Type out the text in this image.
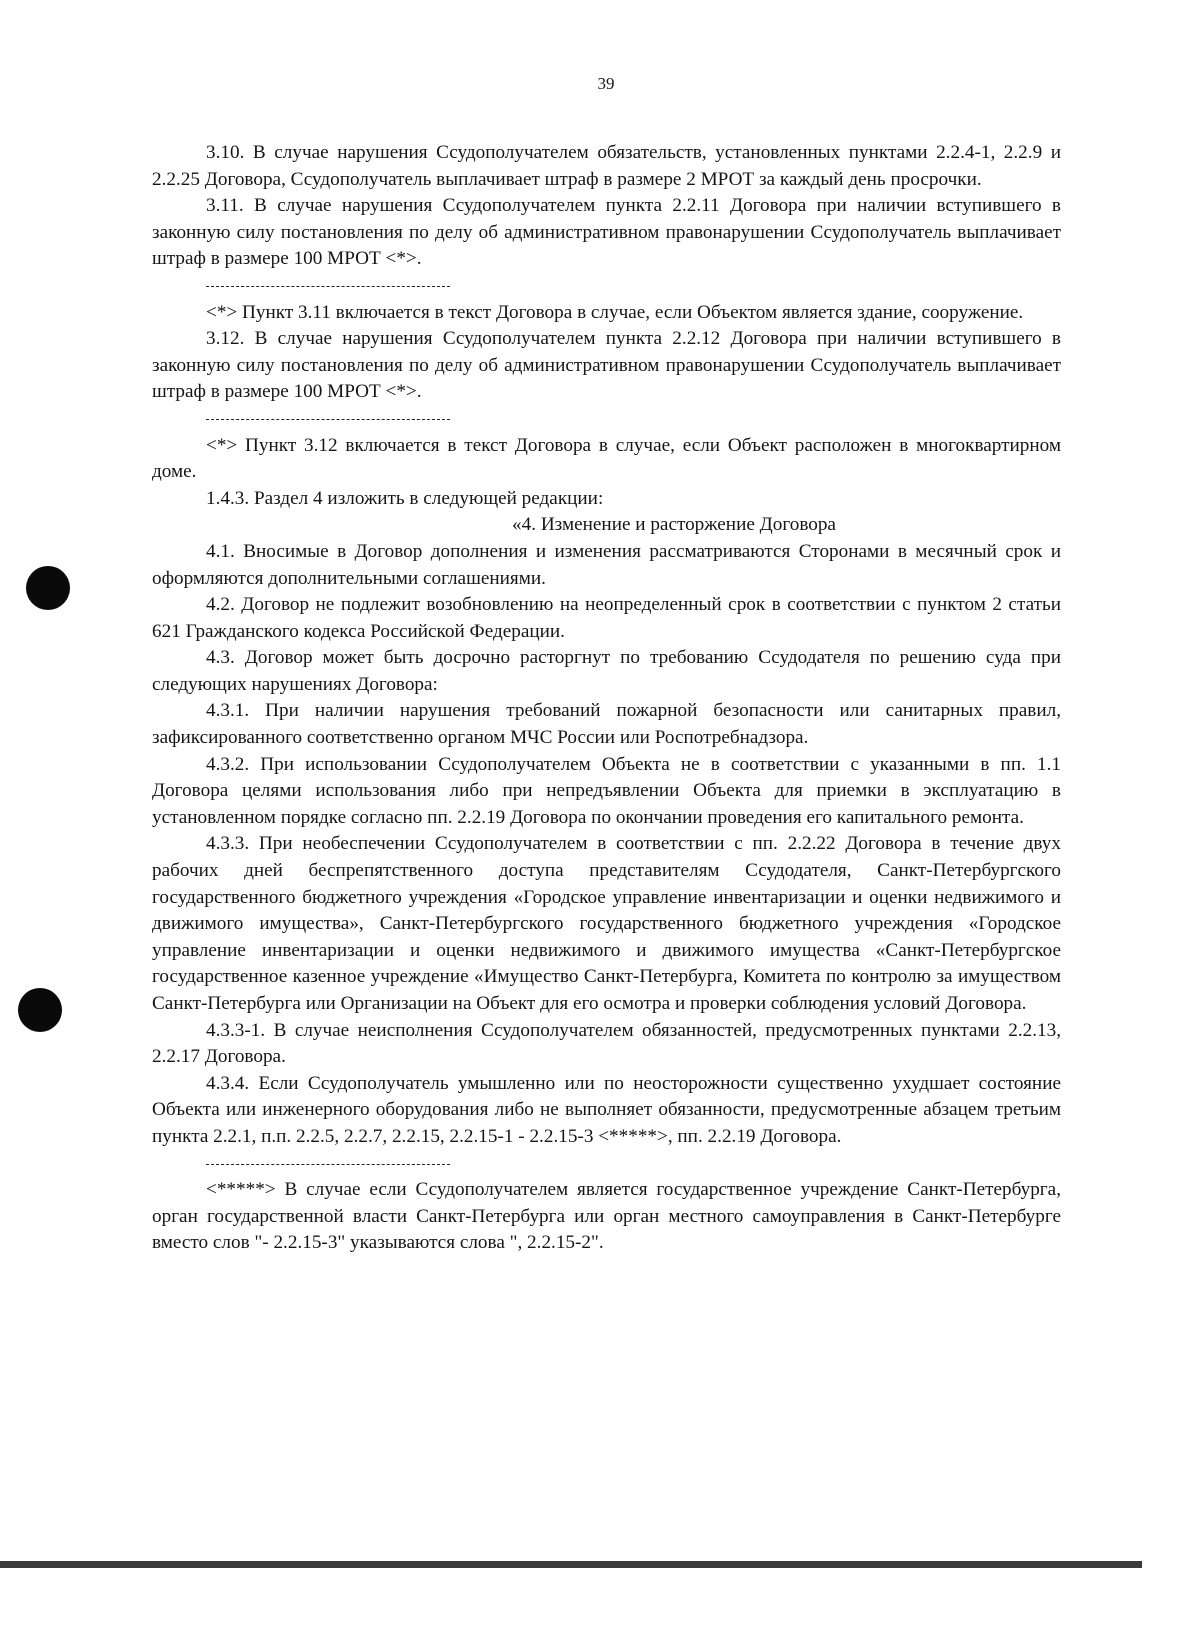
39

3.10. В случае нарушения Ссудополучателем обязательств, установленных пунктами 2.2.4-1, 2.2.9 и 2.2.25 Договора, Ссудополучатель выплачивает штраф в размере 2 МРОТ за каждый день просрочки.

3.11. В случае нарушения Ссудополучателем пункта 2.2.11 Договора при наличии вступившего в законную силу постановления по делу об административном правонарушении Ссудополучатель выплачивает штраф в размере 100 МРОТ <*>.

<*> Пункт 3.11 включается в текст Договора в случае, если Объектом является здание, сооружение.

3.12. В случае нарушения Ссудополучателем пункта 2.2.12 Договора при наличии вступившего в законную силу постановления по делу об административном правонарушении Ссудополучатель выплачивает штраф в размере 100 МРОТ <*>.

<*> Пункт 3.12 включается в текст Договора в случае, если Объект расположен в многоквартирном доме.

1.4.3. Раздел 4 изложить в следующей редакции:

«4. Изменение и расторжение Договора

4.1. Вносимые в Договор дополнения и изменения рассматриваются Сторонами в месячный срок и оформляются дополнительными соглашениями.

4.2. Договор не подлежит возобновлению на неопределенный срок в соответствии с пунктом 2 статьи 621 Гражданского кодекса Российской Федерации.

4.3. Договор может быть досрочно расторгнут по требованию Ссудодателя по решению суда при следующих нарушениях Договора:

4.3.1. При наличии нарушения требований пожарной безопасности или санитарных правил, зафиксированного соответственно органом МЧС России или Роспотребнадзора.

4.3.2. При использовании Ссудополучателем Объекта не в соответствии с указанными в пп. 1.1 Договора целями использования либо при непредъявлении Объекта для приемки в эксплуатацию в установленном порядке согласно пп. 2.2.19 Договора по окончании проведения его капитального ремонта.

4.3.3. При необеспечении Ссудополучателем в соответствии с пп. 2.2.22 Договора в течение двух рабочих дней беспрепятственного доступа представителям Ссудодателя, Санкт-Петербургского государственного бюджетного учреждения «Городское управление инвентаризации и оценки недвижимого и движимого имущества», Санкт-Петербургского государственного бюджетного учреждения «Городское управление инвентаризации и оценки недвижимого и движимого имущества «Санкт-Петербургское государственное казенное учреждение «Имущество Санкт-Петербурга, Комитета по контролю за имуществом Санкт-Петербурга или Организации на Объект для его осмотра и проверки соблюдения условий Договора.

4.3.3-1. В случае неисполнения Ссудополучателем обязанностей, предусмотренных пунктами 2.2.13, 2.2.17 Договора.

4.3.4. Если Ссудополучатель умышленно или по неосторожности существенно ухудшает состояние Объекта или инженерного оборудования либо не выполняет обязанности, предусмотренные абзацем третьим пункта 2.2.1, п.п. 2.2.5, 2.2.7, 2.2.15, 2.2.15-1 - 2.2.15-3 <*****>, пп. 2.2.19 Договора.

<*****> В случае если Ссудополучателем является государственное учреждение Санкт-Петербурга, орган государственной власти Санкт-Петербурга или орган местного самоуправления в Санкт-Петербурге вместо слов "- 2.2.15-3" указываются слова ", 2.2.15-2".
